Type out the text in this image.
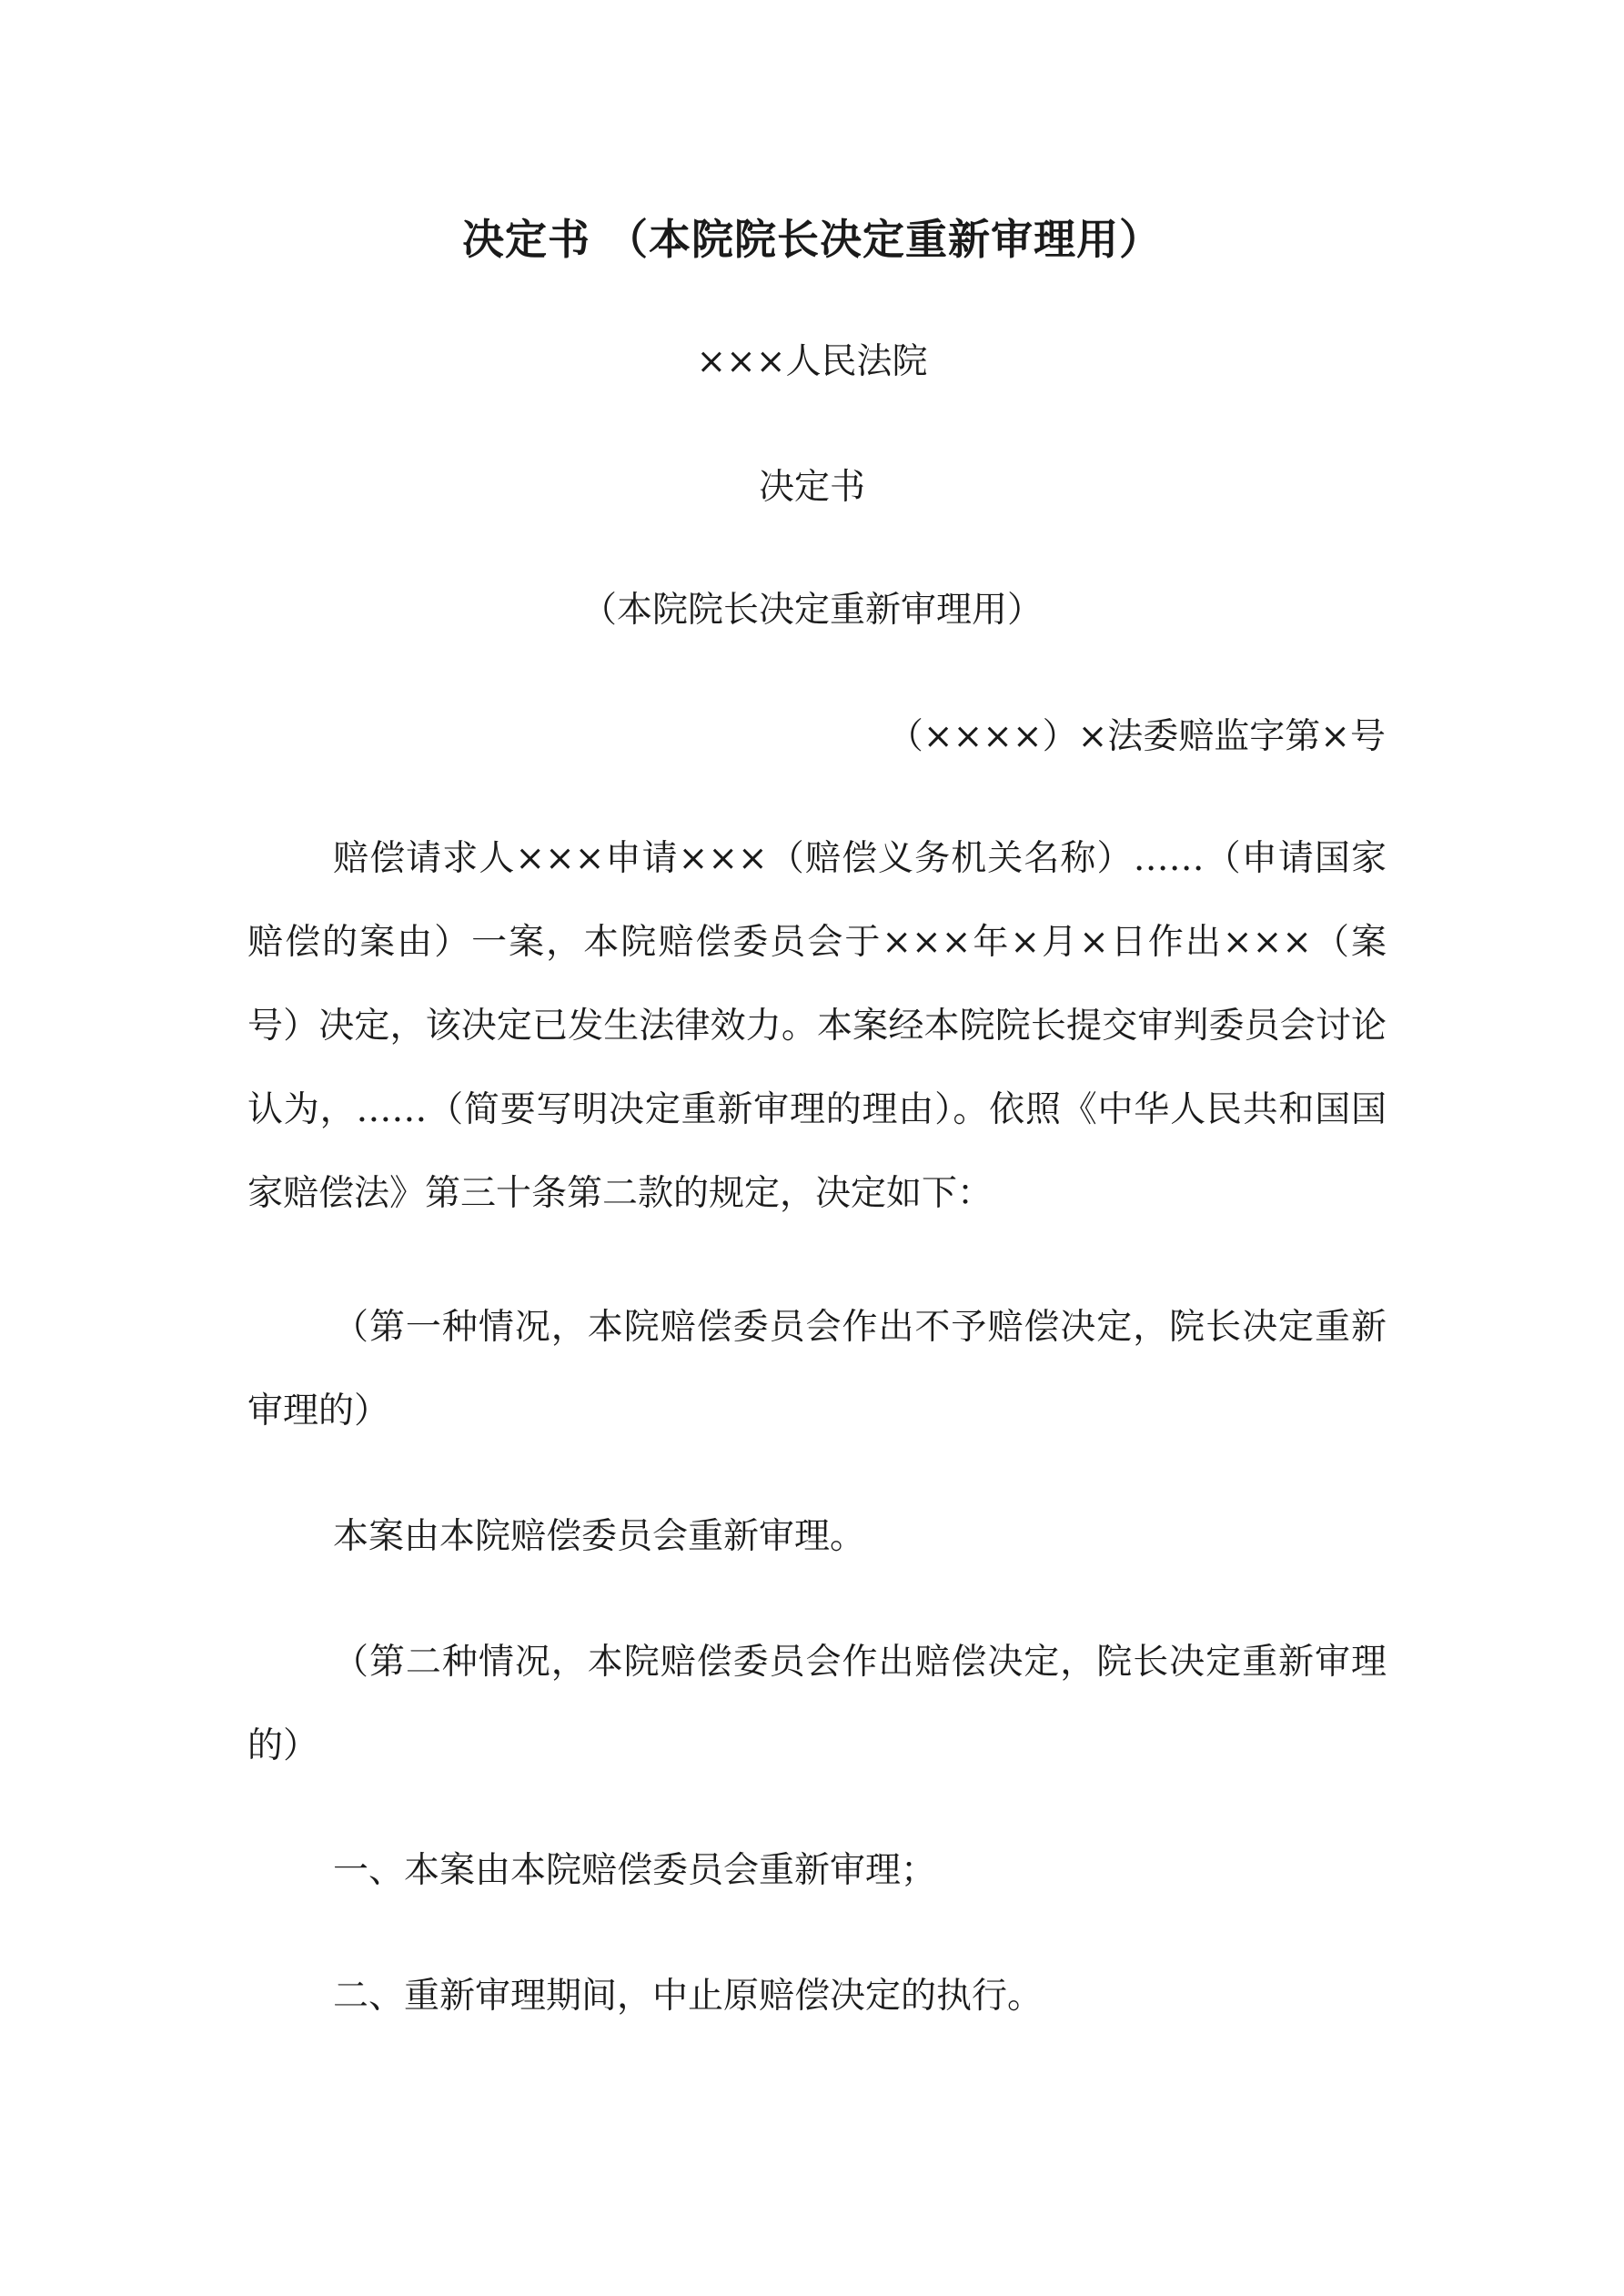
决定书 （本院院长决定重新审理用）

×××人民法院

决定书

（本院院长决定重新审理用）

（××××）×法委赔监字第×号

赔偿请求人×××申请×××（赔偿义务机关名称）……（申请国家赔偿的案由）一案，本院赔偿委员会于×××年×月×日作出×××（案号）决定，该决定已发生法律效力。本案经本院院长提交审判委员会讨论认为，……（简要写明决定重新审理的理由）。依照《中华人民共和国国家赔偿法》第三十条第二款的规定，决定如下：

（第一种情况，本院赔偿委员会作出不予赔偿决定，院长决定重新审理的）

本案由本院赔偿委员会重新审理。

（第二种情况，本院赔偿委员会作出赔偿决定，院长决定重新审理的）

一、本案由本院赔偿委员会重新审理；

二、重新审理期间，中止原赔偿决定的执行。
